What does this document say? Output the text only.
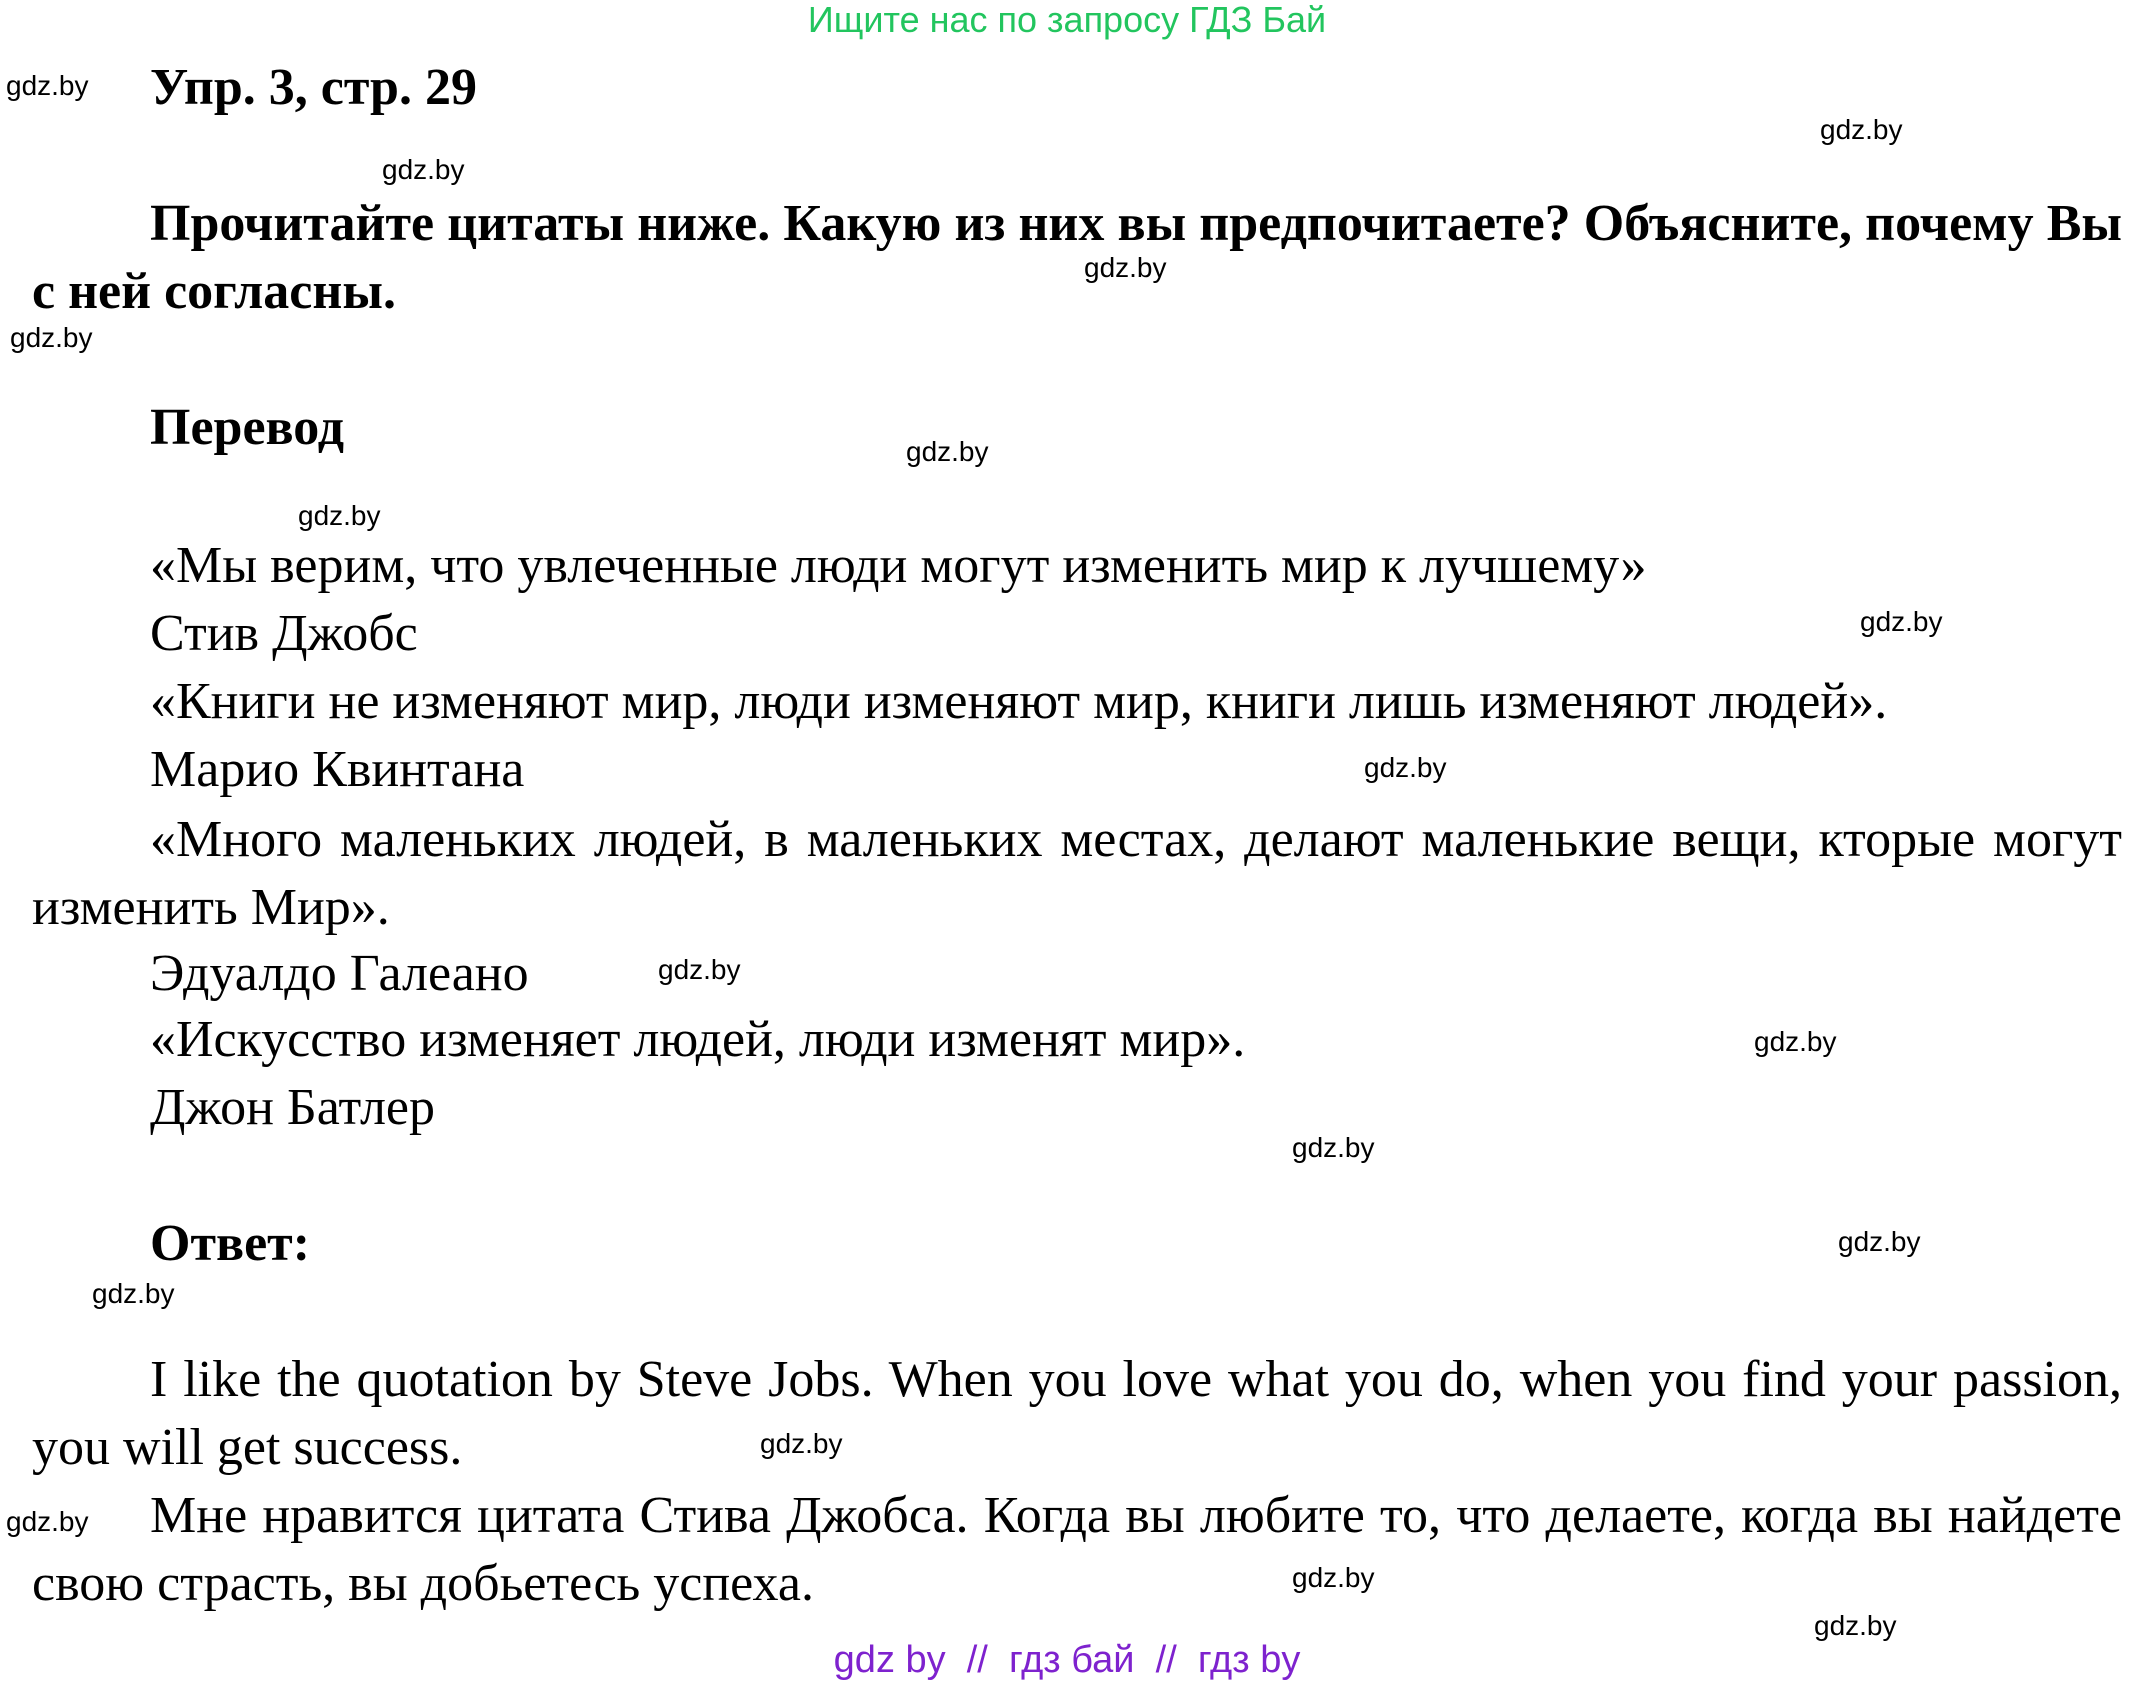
Ищите нас по запросу ГДЗ Бай
Упр. 3, стр. 29
Прочитайте цитаты ниже. Какую из них вы предпочитаете? Объясните, почему Вы с ней согласны.
Перевод
«Мы верим, что увлеченные люди могут изменить мир к лучшему»
Стив Джобс
«Книги не изменяют мир, люди изменяют мир, книги лишь изменяют людей».
Марио Квинтана
«Много маленьких людей, в маленьких местах, делают маленькие вещи, кторые могут изменить Мир».
Эдуалдо Галеано
«Искусство изменяет людей, люди изменят мир».
Джон Батлер
Ответ:
I like the quotation by Steve Jobs. When you love what you do, when you find your passion, you will get success.
Мне нравится цитата Стива Джобса. Когда вы любите то, что делаете, когда вы найдете свою страсть, вы добьетесь успеха.
gdz.by
gdz.by
gdz.by
gdz.by
gdz.by
gdz.by
gdz.by
gdz.by
gdz.by
gdz.by
gdz.by
gdz.by
gdz.by
gdz.by
gdz.by
gdz.by
gdz.by
gdz.by
gdz by  //  гдз бай  //  гдз by
